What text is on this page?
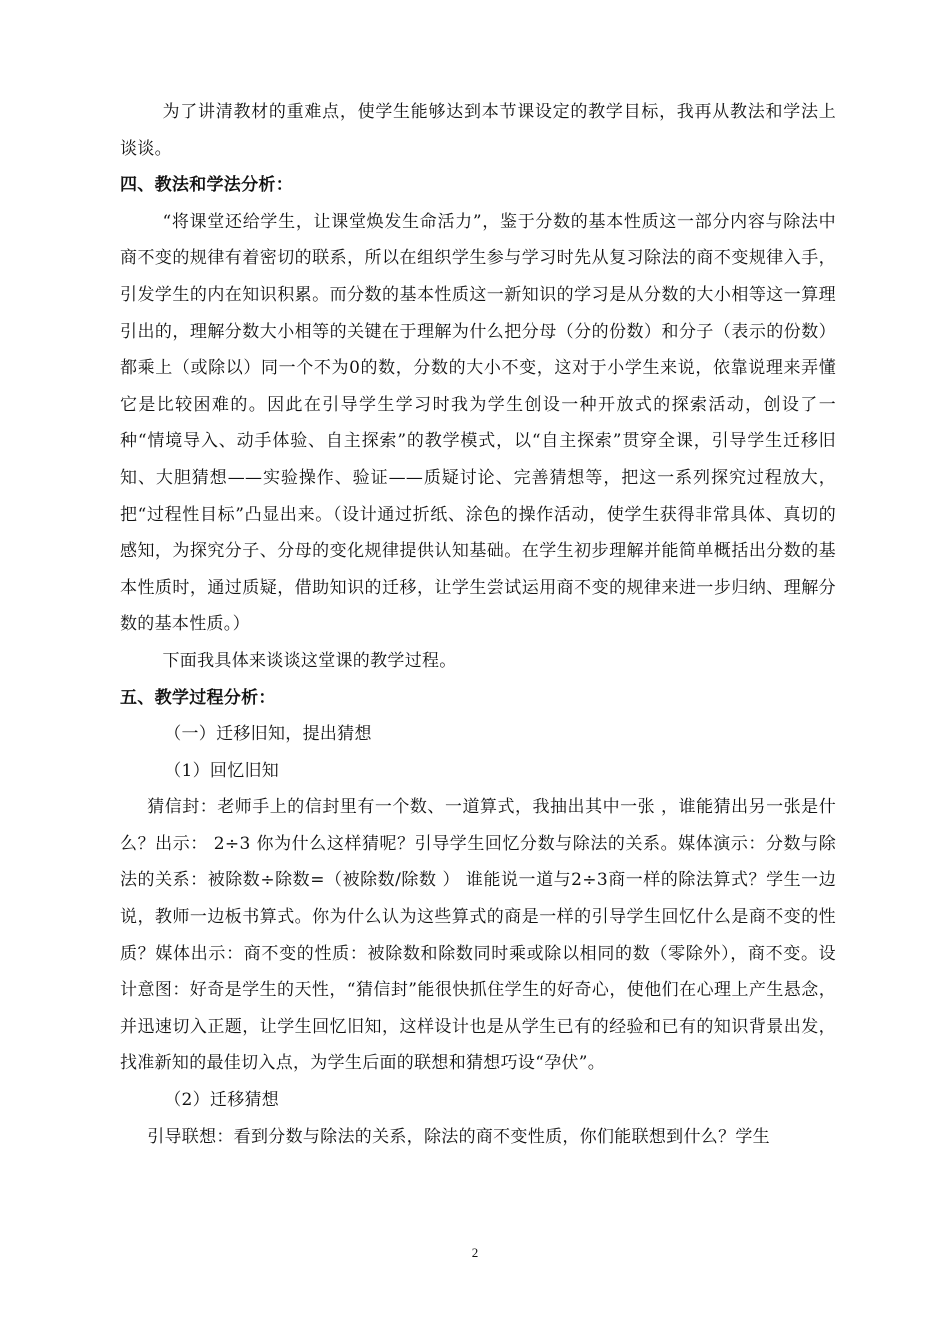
为了讲清教材的重难点，使学生能够达到本节课设定的教学目标，我再从教法和学法上谈谈。

四、教法和学法分析：

“将课堂还给学生，让课堂焕发生命活力”，鉴于分数的基本性质这一部分内容与除法中商不变的规律有着密切的联系，所以在组织学生参与学习时先从复习除法的商不变规律入手，引发学生的内在知识积累。而分数的基本性质这一新知识的学习是从分数的大小相等这一算理引出的，理解分数大小相等的关键在于理解为什么把分母（分的份数）和分子（表示的份数）都乘上（或除以）同一个不为0的数，分数的大小不变，这对于小学生来说，依靠说理来弄懂它是比较困难的。因此在引导学生学习时我为学生创设一种开放式的探索活动，创设了一种“情境导入、动手体验、自主探索”的教学模式，以“自主探索”贯穿全课，引导学生迁移旧知、大胆猜想——实验操作、验证——质疑讨论、完善猜想等，把这一系列探究过程放大，把“过程性目标”凸显出来。（设计通过折纸、涂色的操作活动，使学生获得非常具体、真切的感知，为探究分子、分母的变化规律提供认知基础。在学生初步理解并能简单概括出分数的基本性质时，通过质疑，借助知识的迁移，让学生尝试运用商不变的规律来进一步归纳、理解分数的基本性质。）

下面我具体来谈谈这堂课的教学过程。

五、教学过程分析：

（一）迁移旧知，提出猜想

（1）回忆旧知

猜信封：老师手上的信封里有一个数、一道算式，我抽出其中一张 ，谁能猜出另一张是什么？出示： 2÷3 你为什么这样猜呢？引导学生回忆分数与除法的关系。媒体演示：分数与除法的关系：被除数÷除数=（被除数/除数 ） 谁能说一道与2÷3商一样的除法算式？学生一边说，教师一边板书算式。你为什么认为这些算式的商是一样的引导学生回忆什么是商不变的性质？媒体出示：商不变的性质：被除数和除数同时乘或除以相同的数（零除外），商不变。设计意图：好奇是学生的天性，“猜信封”能很快抓住学生的好奇心，使他们在心理上产生悬念，并迅速切入正题，让学生回忆旧知，这样设计也是从学生已有的经验和已有的知识背景出发，找准新知的最佳切入点，为学生后面的联想和猜想巧设“孕伏”。

（2）迁移猜想

引导联想：看到分数与除法的关系，除法的商不变性质，你们能联想到什么？学生

2
